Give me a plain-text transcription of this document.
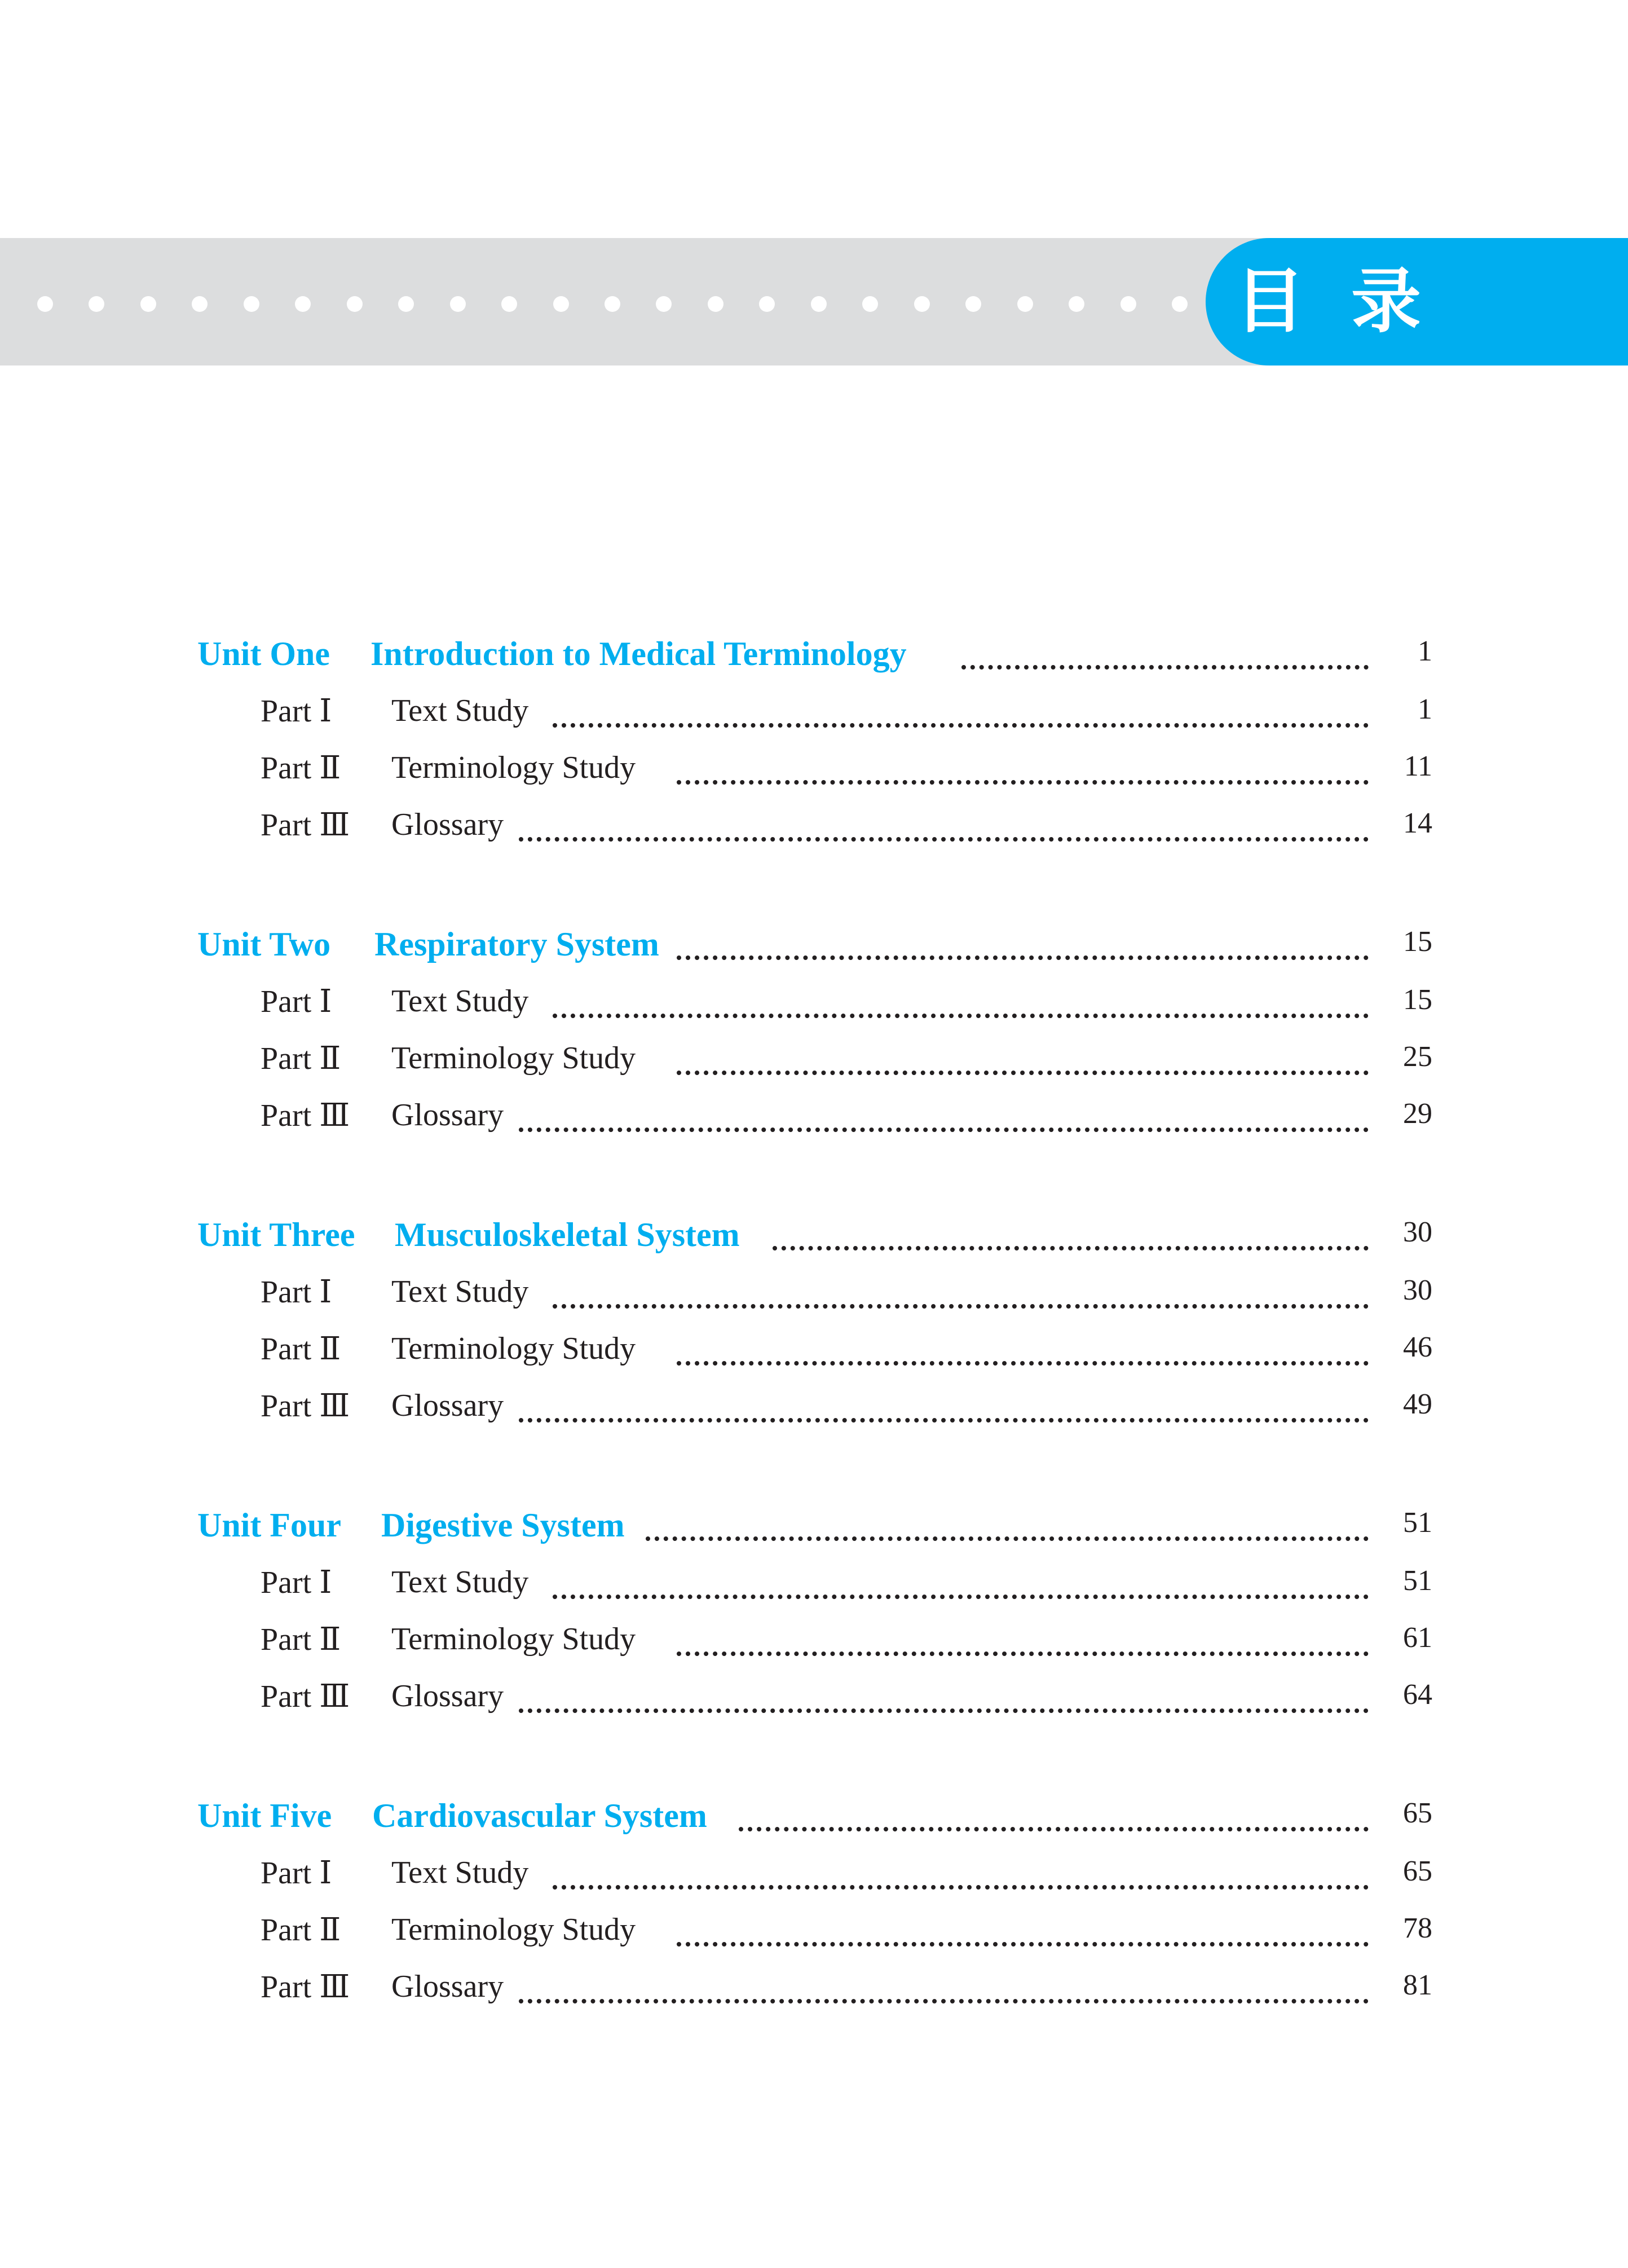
目 录
Unit One Introduction to Medical Terminology	1
Part Ⅰ Text Study	1
Part Ⅱ Terminology Study	11
Part Ⅲ Glossary	14
Unit Two Respiratory System	15
Part Ⅰ Text Study	15
Part Ⅱ Terminology Study	25
Part Ⅲ Glossary	29
Unit Three Musculoskeletal System	30
Part Ⅰ Text Study	30
Part Ⅱ Terminology Study	46
Part Ⅲ Glossary	49
Unit Four Digestive System	51
Part Ⅰ Text Study	51
Part Ⅱ Terminology Study	61
Part Ⅲ Glossary	64
Unit Five Cardiovascular System	65
Part Ⅰ Text Study	65
Part Ⅱ Terminology Study	78
Part Ⅲ Glossary	81
